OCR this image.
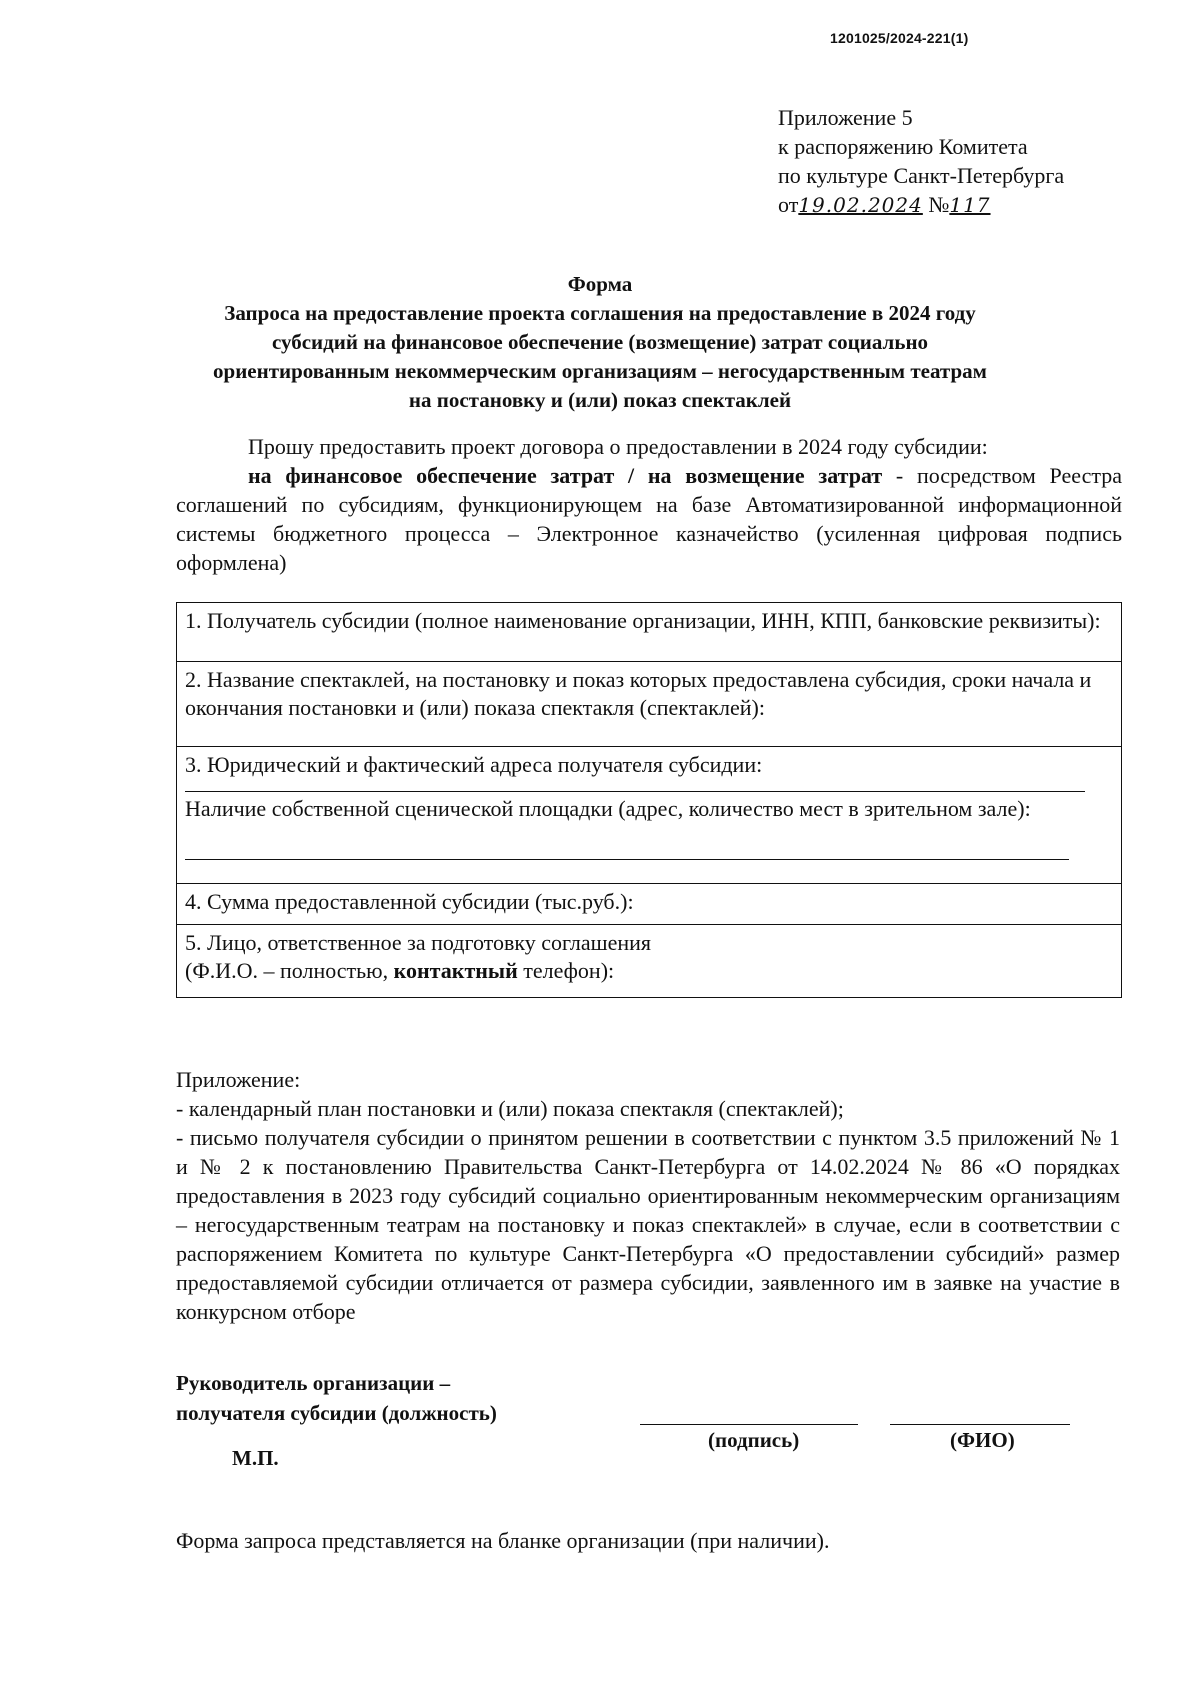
1201025/2024-221(1)
Приложение 5
к распоряжению Комитета
по культуре Санкт-Петербурга
от19.02.2024 №117
Форма
Запроса на предоставление проекта соглашения на предоставление в 2024 году
субсидий на финансовое обеспечение (возмещение) затрат социально
ориентированным некоммерческим организациям – негосударственным театрам
на постановку и (или) показ спектаклей

Прошу предоставить проект договора о предоставлении в 2024 году субсидии:

на финансовое обеспечение затрат / на возмещение затрат - посредством Реестра соглашений по субсидиям, функционирующем на базе Автоматизированной информационной системы бюджетного процесса – Электронное казначейство (усиленная цифровая подпись оформлена)

1. Получатель субсидии (полное наименование организации, ИНН, КПП, банковские реквизиты):
2. Название спектаклей, на постановку и показ которых предоставлена субсидия, сроки начала и окончания постановки и (или) показа спектакля (спектаклей):
3. Юридический и фактический адреса получателя субсидии:
Наличие собственной сценической площадки (адрес, количество мест в зрительном зале):
4. Сумма предоставленной субсидии (тыс.руб.):
5. Лицо, ответственное за подготовку соглашения
(Ф.И.О. – полностью, контактный телефон):

Приложение:

- календарный план постановки и (или) показа спектакля (спектаклей);

- письмо получателя субсидии о принятом решении в соответствии с пунктом 3.5 приложений № 1 и № 2 к постановлению Правительства Санкт-Петербурга от 14.02.2024 № 86 «О порядках предоставления в 2023 году субсидий социально ориентированным некоммерческим организациям – негосударственным театрам на постановку и показ спектаклей» в случае, если в соответствии с распоряжением Комитета по культуре Санкт-Петербурга «О предоставлении субсидий» размер предоставляемой субсидии отличается от размера субсидии, заявленного им в заявке на участие в конкурсном отборе

Руководитель организации –
получателя субсидии (должность)
(подпись)	(ФИО)
М.П.
Форма запроса представляется на бланке организации (при наличии).
